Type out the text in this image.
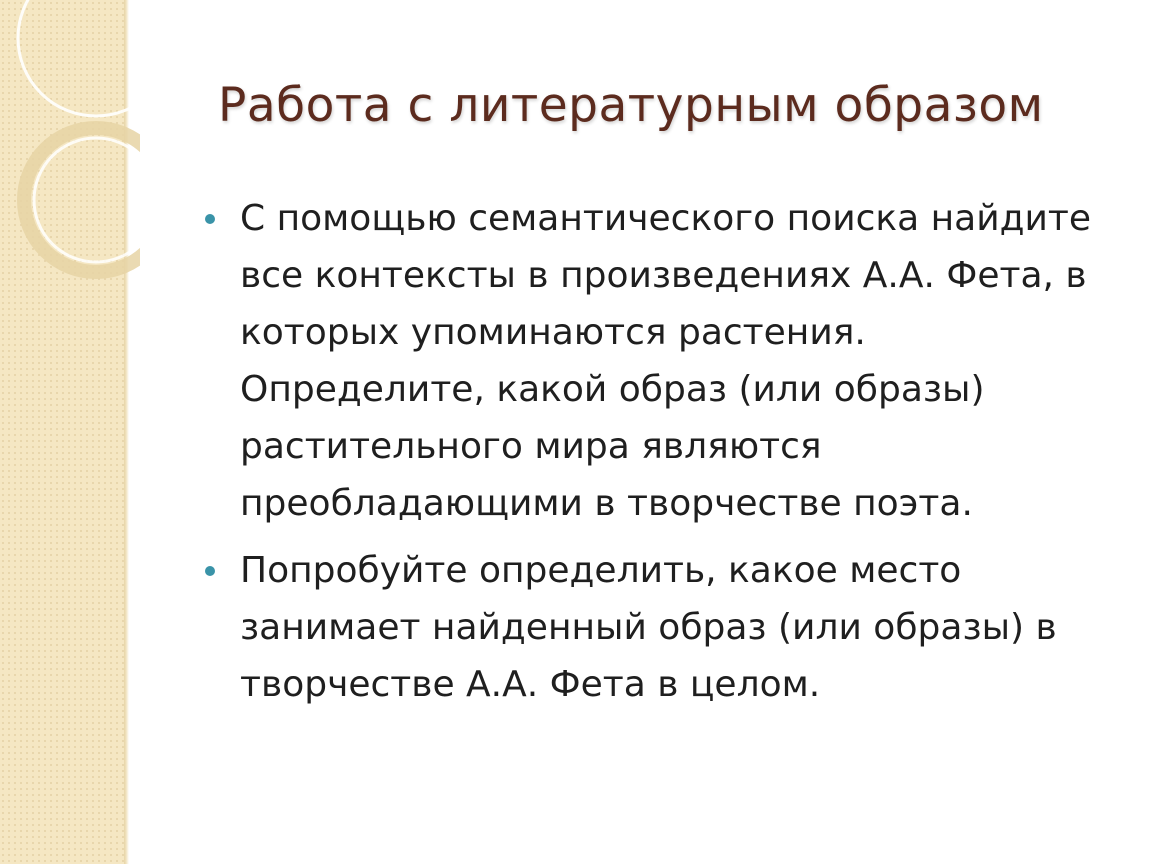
Работа с литературным образом
С помощью семантического поиска найдите все контексты в произведениях А.А. Фета, в которых упоминаются растения. Определите, какой образ (или образы) растительного мира являются преобладающими в творчестве поэта.
Попробуйте определить, какое место занимает найденный образ (или образы) в творчестве А.А. Фета в целом.
